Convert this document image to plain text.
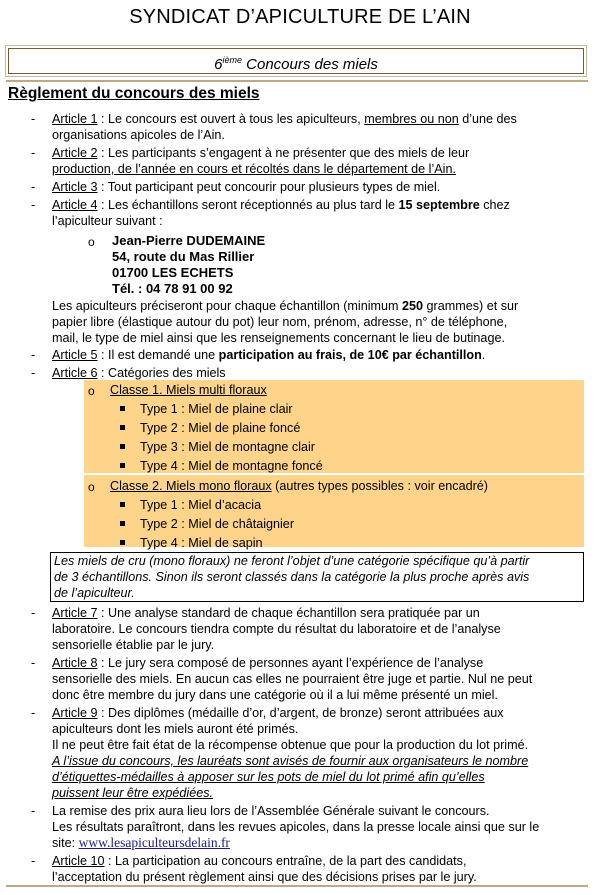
SYNDICAT D’APICULTURE DE L’AIN
6ième Concours des miels
Règlement du concours des miels
-	Article 1 : Le concours est ouvert à tous les apiculteurs, membres ou non d’une des
organisations apicoles de l’Ain.
-	Article 2 : Les participants s’engagent à ne présenter que des miels de leur
production, de l’année en cours et récoltés dans le département de l’Ain.
-	Article 3 : Tout participant peut concourir pour plusieurs types de miel.
-	Article 4 : Les échantillons seront réceptionnés au plus tard le 15 septembre chez
l’apiculteur suivant :
o Jean-Pierre DUDEMAINE
54, route du Mas Rillier
01700 LES ECHETS
Tél. : 04 78 91 00 92
Les apiculteurs préciseront pour chaque échantillon (minimum 250 grammes) et sur
papier libre (élastique autour du pot) leur nom, prénom, adresse, n° de téléphone,
mail, le type de miel ainsi que les renseignements concernant le lieu de butinage.
-	Article 5 : Il est demandé une participation au frais, de 10€ par échantillon.
-	Article 6 : Catégories des miels
o Classe 1. Miels multi floraux
Type 1 : Miel de plaine clair
Type 2 : Miel de plaine foncé
Type 3 : Miel de montagne clair
Type 4 : Miel de montagne foncé
o Classe 2. Miels mono floraux (autres types possibles : voir encadré)
Type 1 : Miel d’acacia
Type 2 : Miel de châtaignier
Type 4 : Miel de sapin
Les miels de cru (mono floraux) ne feront l’objet d’une catégorie spécifique qu’à partir
de 3 échantillons. Sinon ils seront classés dans la catégorie la plus proche après avis
de l’apiculteur.
-	Article 7 : Une analyse standard de chaque échantillon sera pratiquée par un
laboratoire. Le concours tiendra compte du résultat du laboratoire et de l’analyse
sensorielle établie par le jury.
-	Article 8 : Le jury sera composé de personnes ayant l’expérience de l’analyse
sensorielle des miels. En aucun cas elles ne pourraient être juge et partie. Nul ne peut
donc être membre du jury dans une catégorie où il a lui même présenté un miel.
-	Article 9 : Des diplômes (médaille d’or, d’argent, de bronze) seront attribuées aux
apiculteurs dont les miels auront été primés.
Il ne peut être fait état de la récompense obtenue que pour la production du lot primé.
A l’issue du concours, les lauréats sont avisés de fournir aux organisateurs le nombre
d’étiquettes-médailles à apposer sur les pots de miel du lot primé afin qu’elles
puissent leur être expédiées.
-	La remise des prix aura lieu lors de l’Assemblée Générale suivant le concours.
Les résultats paraîtront, dans les revues apicoles, dans la presse locale ainsi que sur le
site: www.lesapiculteursdelain.fr
-	Article 10 : La participation au concours entraîne, de la part des candidats,
l’acceptation du présent règlement ainsi que des décisions prises par le jury.
